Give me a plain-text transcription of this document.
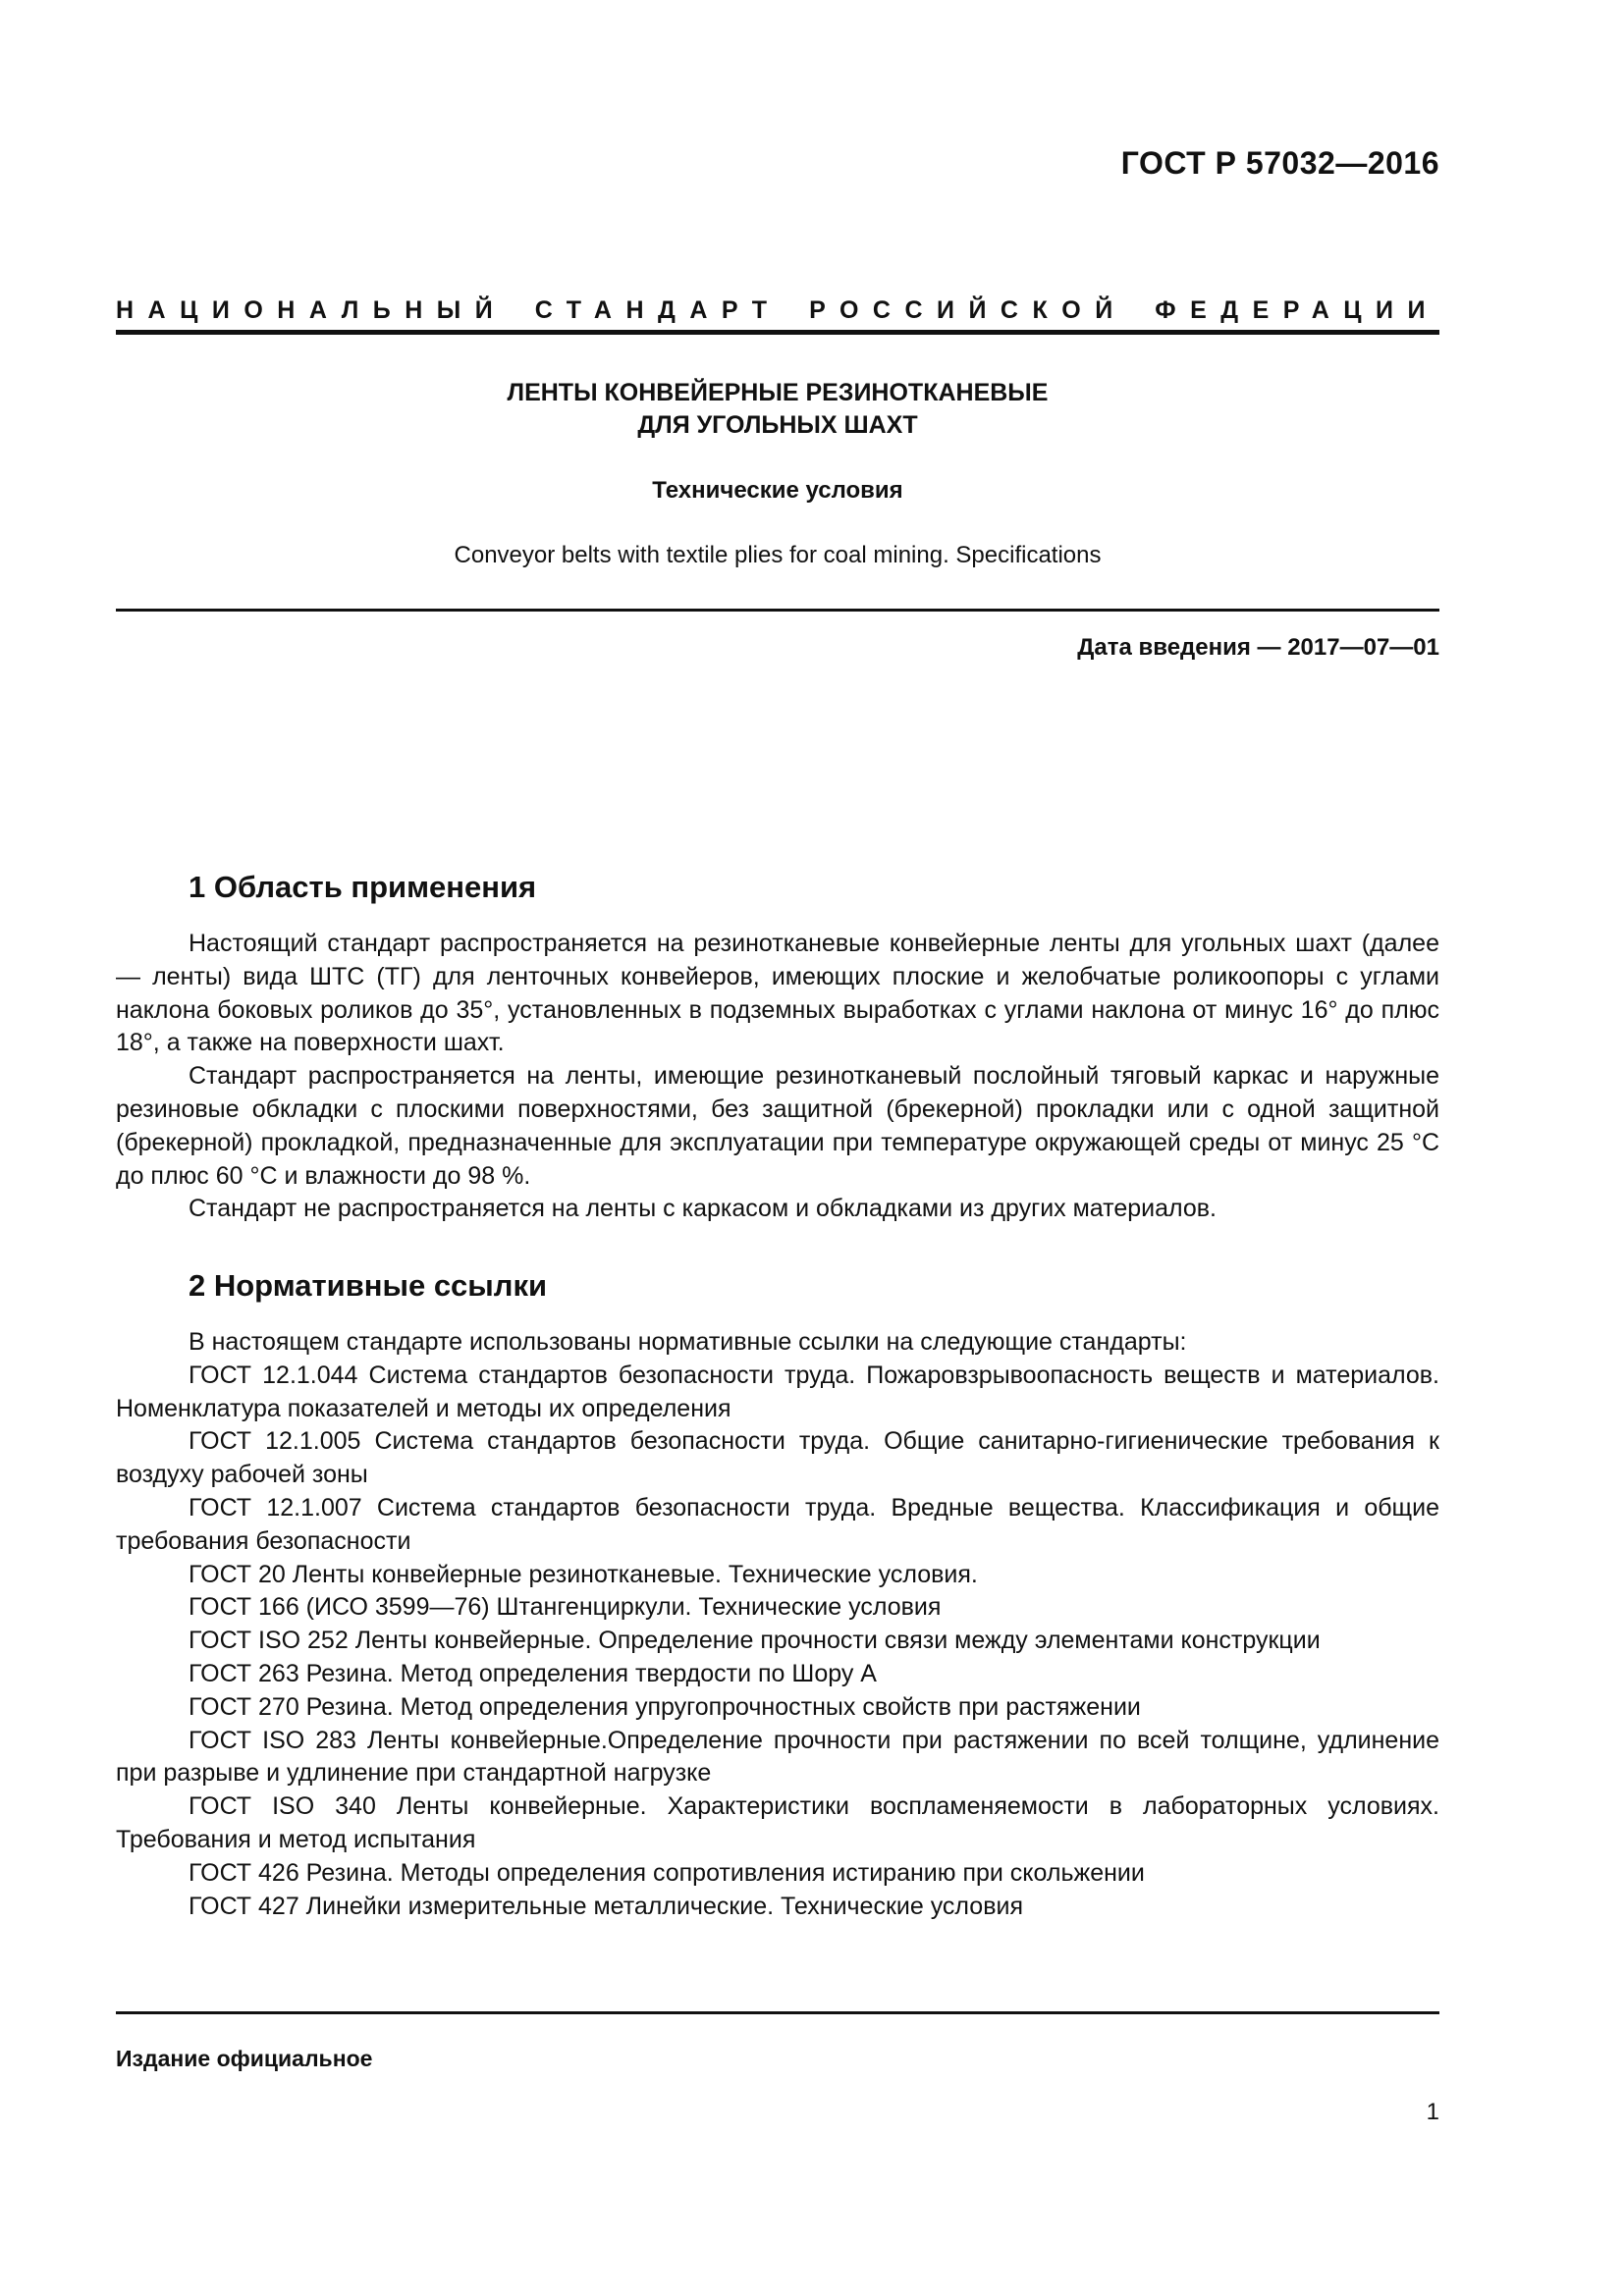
ГОСТ Р 57032—2016
НАЦИОНАЛЬНЫЙ СТАНДАРТ РОССИЙСКОЙ ФЕДЕРАЦИИ
ЛЕНТЫ КОНВЕЙЕРНЫЕ РЕЗИНОТКАНЕВЫЕ
ДЛЯ УГОЛЬНЫХ ШАХТ
Технические условия
Conveyor belts with textile plies for coal mining. Specifications
Дата введения — 2017—07—01
1 Область применения

Настоящий стандарт распространяется на резинотканевые конвейерные ленты для угольных шахт (далее — ленты) вида ШТС (ТГ) для ленточных конвейеров, имеющих плоские и желобчатые роликоопоры с углами наклона боковых роликов до 35°, установленных в подземных выработках с углами наклона от минус 16° до плюс 18°, а также на поверхности шахт.

Стандарт распространяется на ленты, имеющие резинотканевый послойный тяговый каркас и наружные резиновые обкладки с плоскими поверхностями, без защитной (брекерной) прокладки или с одной защитной (брекерной) прокладкой, предназначенные для эксплуатации при температуре окружающей среды от минус 25 °С до плюс 60 °С и влажности до 98 %.

Стандарт не распространяется на ленты с каркасом и обкладками из других материалов.

2 Нормативные ссылки

В настоящем стандарте использованы нормативные ссылки на следующие стандарты:

ГОСТ 12.1.044 Система стандартов безопасности труда. Пожаровзрывоопасность веществ и материалов. Номенклатура показателей и методы их определения

ГОСТ 12.1.005 Система стандартов безопасности труда. Общие санитарно-гигиенические требования к воздуху рабочей зоны

ГОСТ 12.1.007 Система стандартов безопасности труда. Вредные вещества. Классификация и общие требования безопасности

ГОСТ 20 Ленты конвейерные резинотканевые. Технические условия.

ГОСТ 166 (ИСО 3599—76) Штангенциркули. Технические условия

ГОСТ ISO 252 Ленты конвейерные. Определение прочности связи между элементами конструкции

ГОСТ 263 Резина. Метод определения твердости по Шору А

ГОСТ 270 Резина. Метод определения упругопрочностных свойств при растяжении

ГОСТ ISO 283 Ленты конвейерные.Определение прочности при растяжении по всей толщине, удлинение при разрыве и удлинение при стандартной нагрузке

ГОСТ ISO 340 Ленты конвейерные. Характеристики воспламеняемости в лабораторных условиях. Требования и метод испытания

ГОСТ 426 Резина. Методы определения сопротивления истиранию при скольжении

ГОСТ 427 Линейки измерительные металлические. Технические условия

Издание официальное
1
